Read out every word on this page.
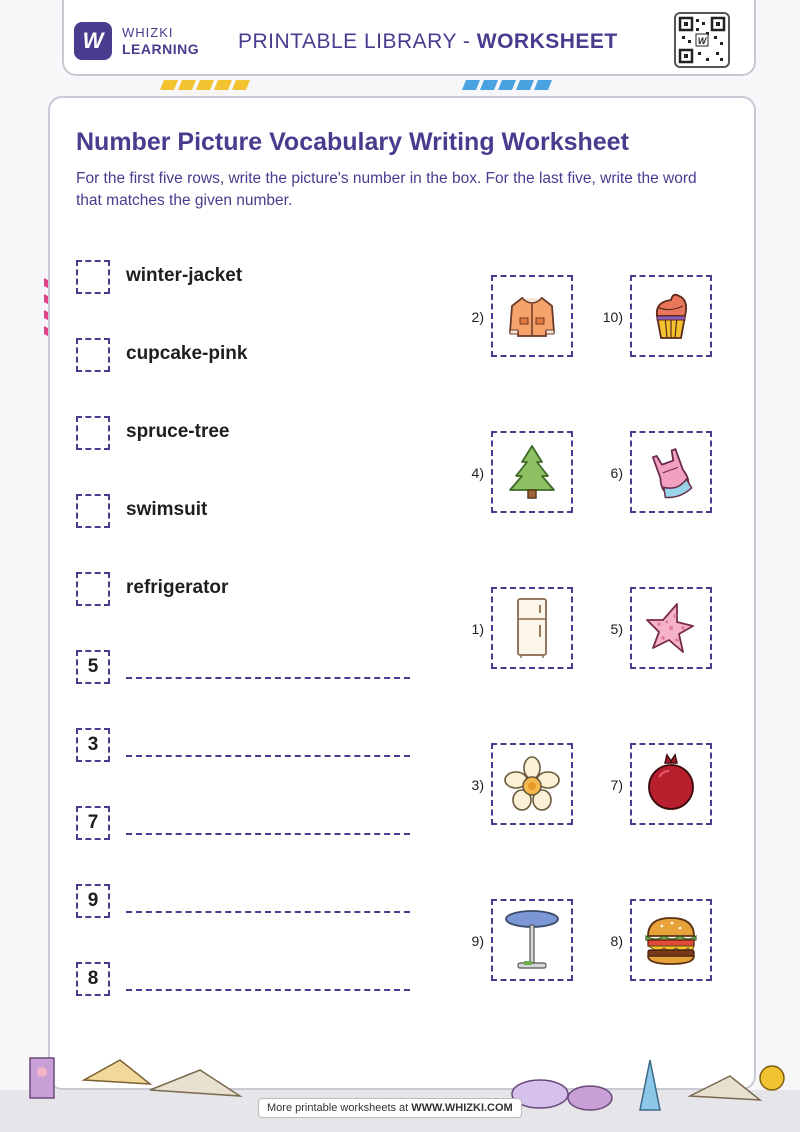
W	WHIZKI
LEARNING PRINTABLE LIBRARY - WORKSHEET	W
Number Picture Vocabulary Writing Worksheet
For the first five rows, write the picture's number in the box. For the last five, write the word that matches the given number.
winter-jacket
cupcake-pink
spruce-tree
swimsuit
refrigerator
5
3
7
9
8
2)	10)
4)	6)
1)	5)
3)	7)
9)	8)
More printable worksheets at WWW.WHIZKI.COM
